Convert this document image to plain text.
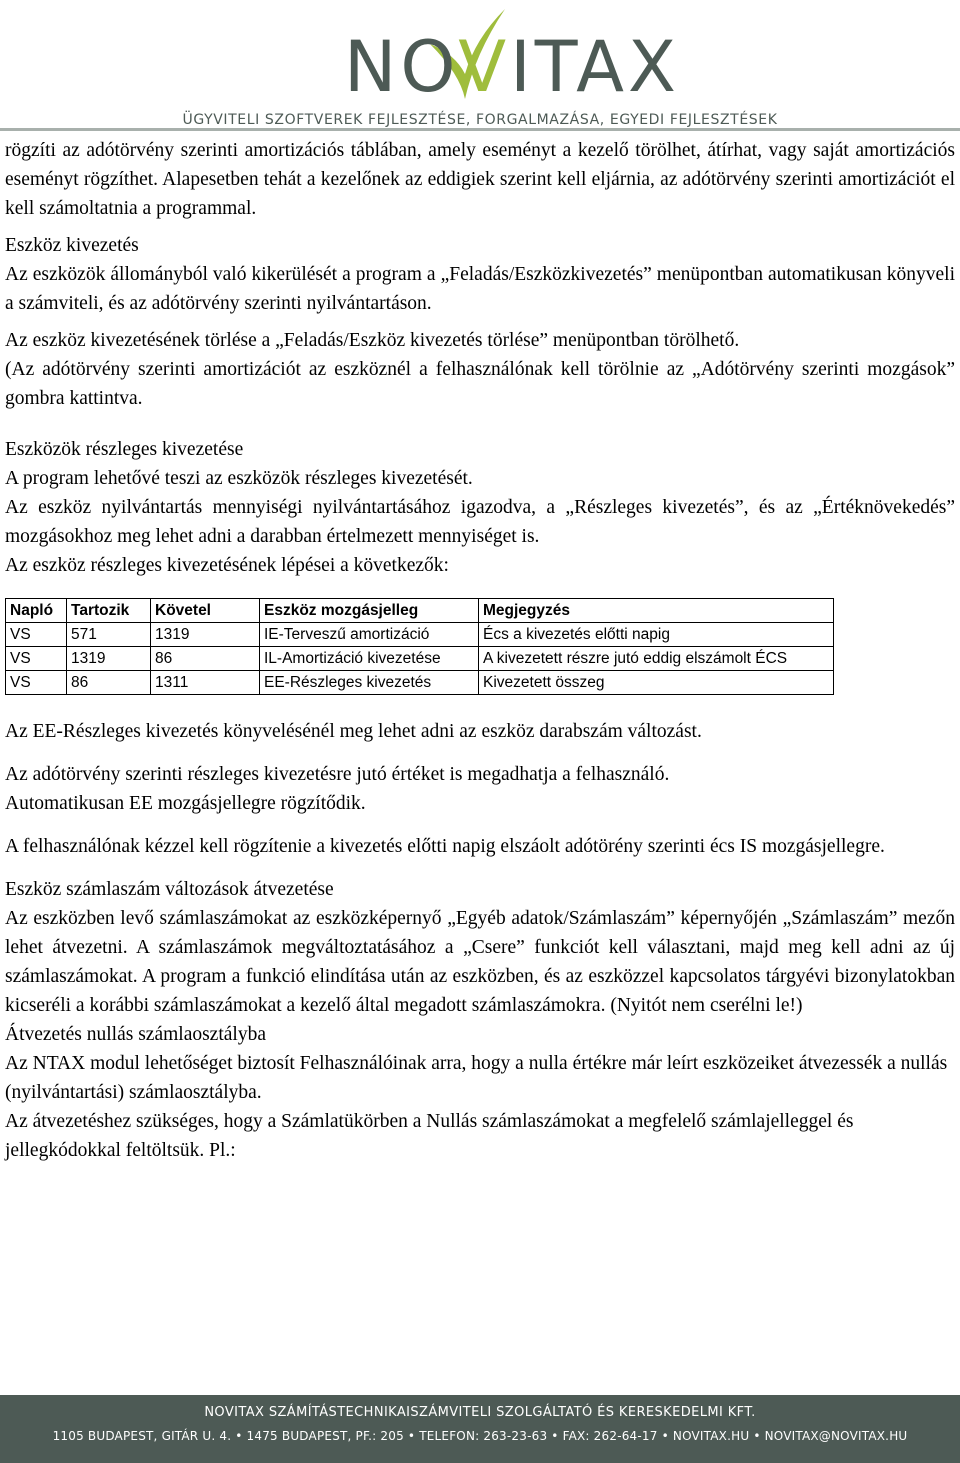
NOVITAX
ÜGYVITELI SZOFTVEREK FEJLESZTÉSE, FORGALMAZÁSA, EGYEDI FEJLESZTÉSEK

rögzíti az adótörvény szerinti amortizációs táblában, amely eseményt a kezelő törölhet, átírhat, vagy saját amortizációs eseményt rögzíthet. Alapesetben tehát a kezelőnek az eddigiek szerint kell eljárnia, az adótörvény szerinti amortizációt el kell számoltatnia a programmal.

Eszköz kivezetés

Az eszközök állományból való kikerülését a program a „Feladás/Eszközkivezetés” menüpontban automatikusan könyveli a számviteli, és az adótörvény szerinti nyilvántartáson.

Az eszköz kivezetésének törlése a „Feladás/Eszköz kivezetés törlése” menüpontban törölhető.

(Az adótörvény szerinti amortizációt az eszköznél a felhasználónak kell törölnie az „Adótörvény szerinti mozgások” gombra kattintva.

Eszközök részleges kivezetése

A program lehetővé teszi az eszközök részleges kivezetését.

Az eszköz nyilvántartás mennyiségi nyilvántartásához igazodva, a „Részleges kivezetés”, és az „Értéknövekedés” mozgásokhoz meg lehet adni a darabban értelmezett mennyiséget is.

Az eszköz részleges kivezetésének lépései a következők:

Napló	Tartozik	Követel	Eszköz mozgásjelleg	Megjegyzés
VS	571	1319	IE-Terveszű amortizáció	Écs a kivezetés előtti napig
VS	1319	86	IL-Amortizáció kivezetése	A kivezetett részre jutó eddig elszámolt ÉCS
VS	86	1311	EE-Részleges kivezetés	Kivezetett összeg

Az EE-Részleges kivezetés könyvelésénél meg lehet adni az eszköz darabszám változást.

Az adótörvény szerinti részleges kivezetésre jutó értéket is megadhatja a felhasználó.

Automatikusan EE mozgásjellegre rögzítődik.

A felhasználónak kézzel kell rögzítenie a kivezetés előtti napig elszáolt adótörény szerinti écs IS mozgásjellegre.

Eszköz számlaszám változások átvezetése

Az eszközben levő számlaszámokat az eszközképernyő „Egyéb adatok/Számlaszám” képernyőjén „Számlaszám” mezőn lehet átvezetni. A számlaszámok megváltoztatásához a „Csere” funkciót kell választani, majd meg kell adni az új számlaszámokat. A program a funkció elindítása után az eszközben, és az eszközzel kapcsolatos tárgyévi bizonylatokban kicseréli a korábbi számlaszámokat a kezelő által megadott számlaszámokra. (Nyitót nem cserélni le!)

Átvezetés nullás számlaosztályba

Az NTAX modul lehetőséget biztosít Felhasználóinak arra, hogy a nulla értékre már leírt eszközeiket átvezessék a nullás (nyilvántartási) számlaosztályba.

Az átvezetéshez szükséges, hogy a Számlatükörben a Nullás számlaszámokat a megfelelő számlajelleggel és

jellegkódokkal feltöltsük. Pl.:

NOVITAX SZÁMÍTÁSTECHNIKAISZÁMVITELI SZOLGÁLTATÓ ÉS KERESKEDELMI KFT.
1105 BUDAPEST, GITÁR U. 4. • 1475 BUDAPEST, PF.: 205 • TELEFON: 263-23-63 • FAX: 262-64-17 • NOVITAX.HU • NOVITAX@NOVITAX.HU
